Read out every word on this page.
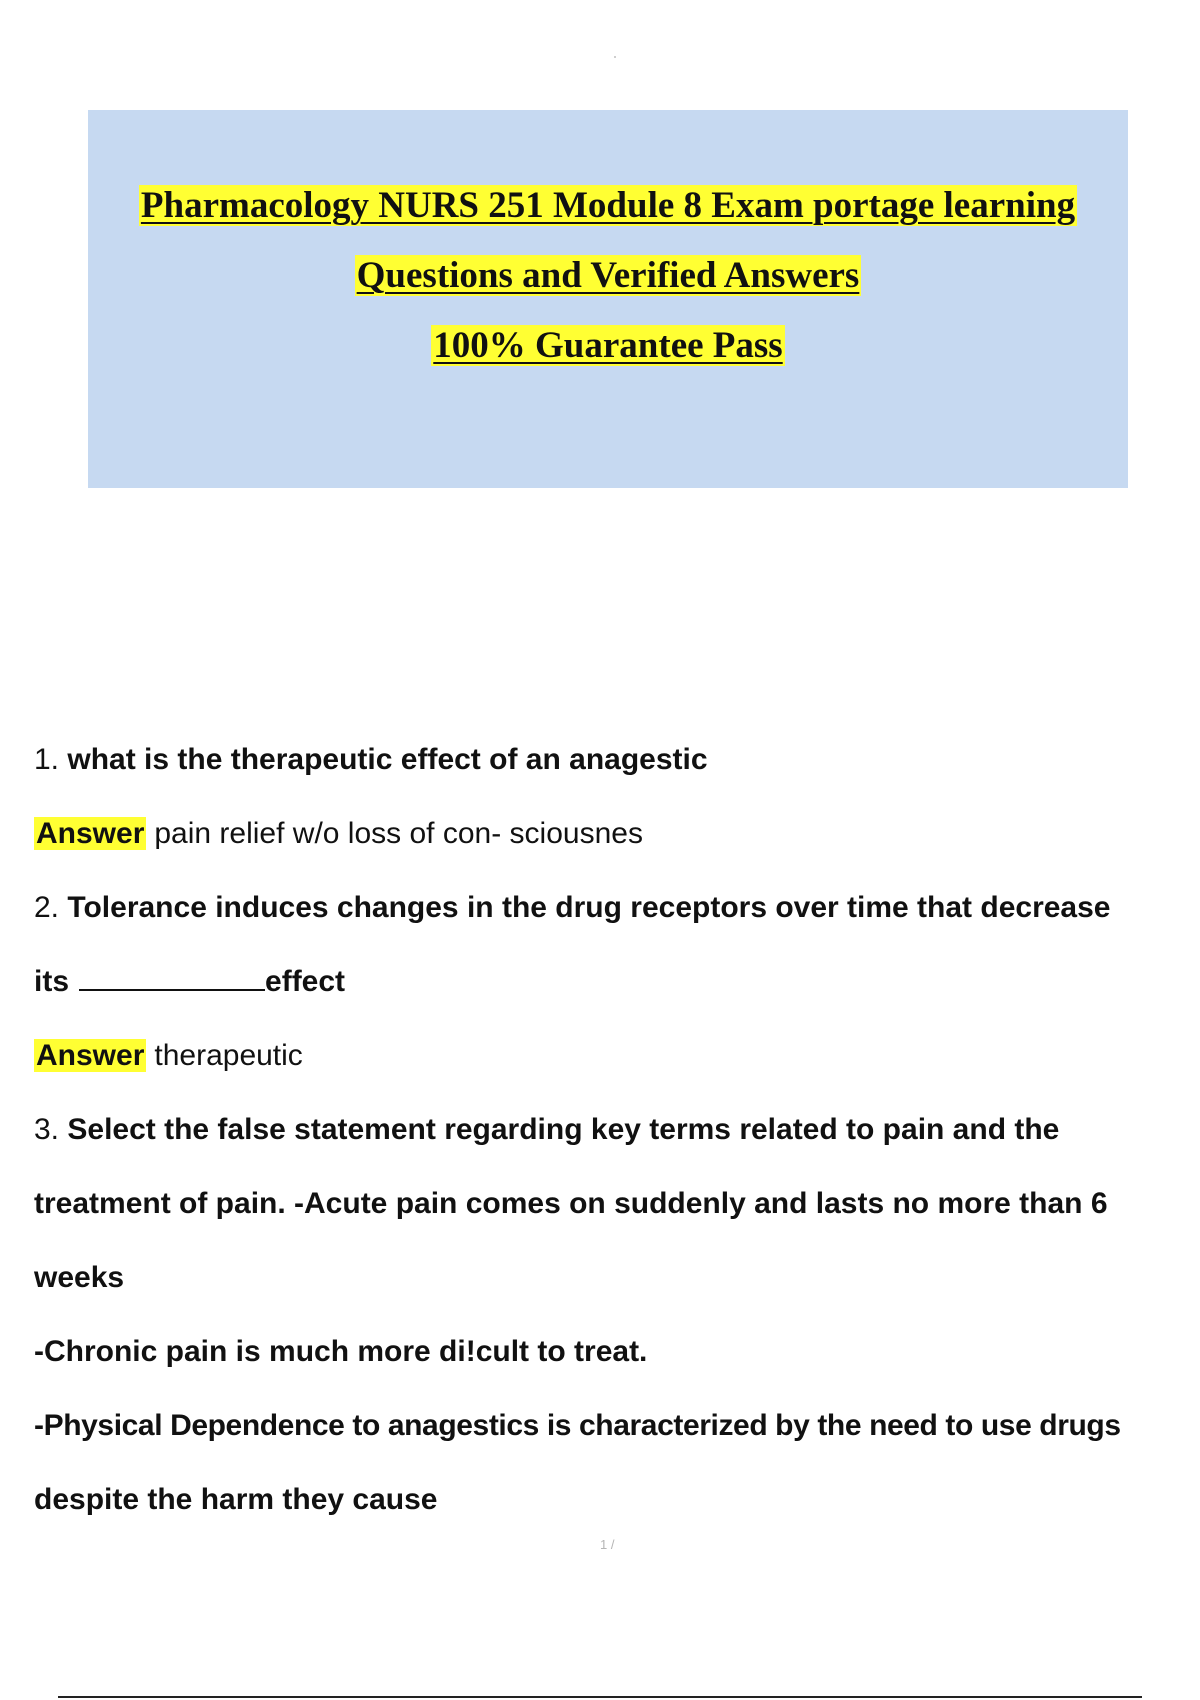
Pharmacology NURS 251 Module 8 Exam portage learning
Questions and Verified Answers
100% Guarantee Pass
1. what is the therapeutic effect of an anagestic
Answer pain relief w/o loss of con- sciousnes
2. Tolerance induces changes in the drug receptors over time that decrease
its	effect
Answer therapeutic
3. Select the false statement regarding key terms related to pain and the
treatment of pain. -Acute pain comes on suddenly and lasts no more than 6
weeks
-Chronic pain is much more di!cult to treat.
-Physical Dependence to anagestics is characterized by the need to use drugs
despite the harm they cause
1 /
